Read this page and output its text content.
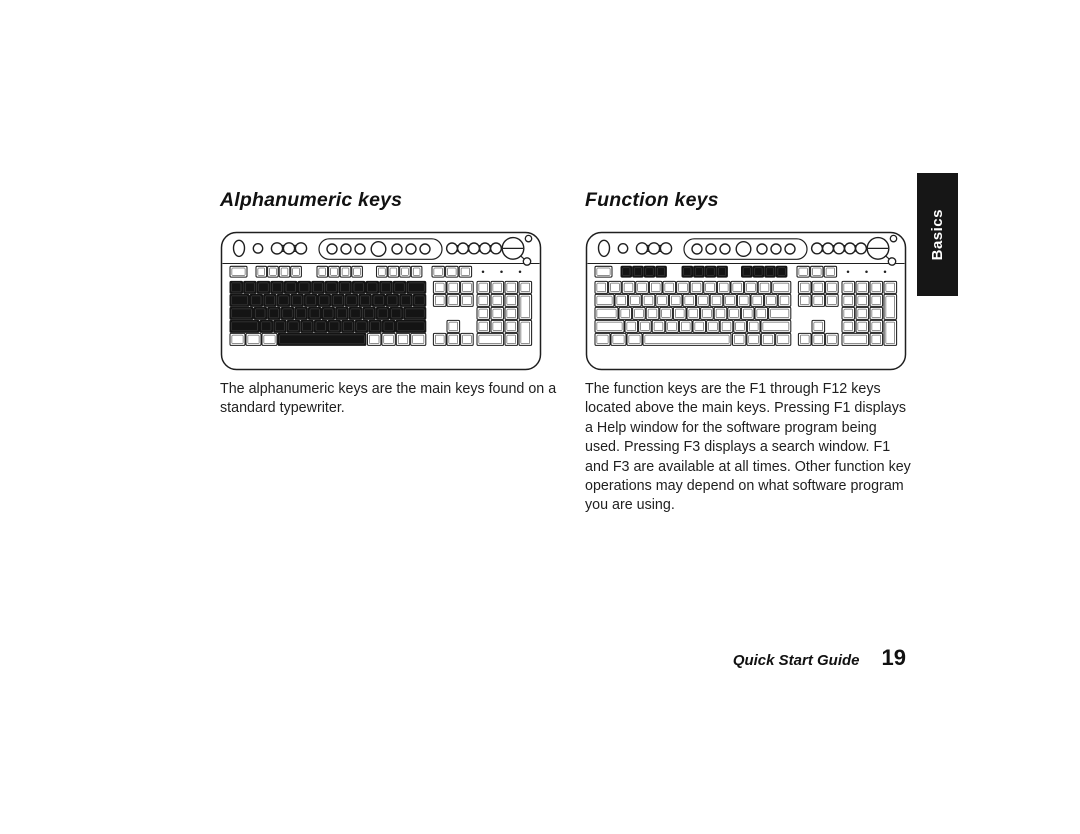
Alphanumeric keys

The alphanumeric keys are the main keys found on a standard typewriter.

Function keys

The function keys are the F1 through F12 keys located above the main keys. Pressing F1 displays a Help window for the software program being used. Pressing F3 displays a search window. F1 and F3 are available at all times. Other function key operations may depend on what software program you are using.

Basics
Quick Start Guide 19
